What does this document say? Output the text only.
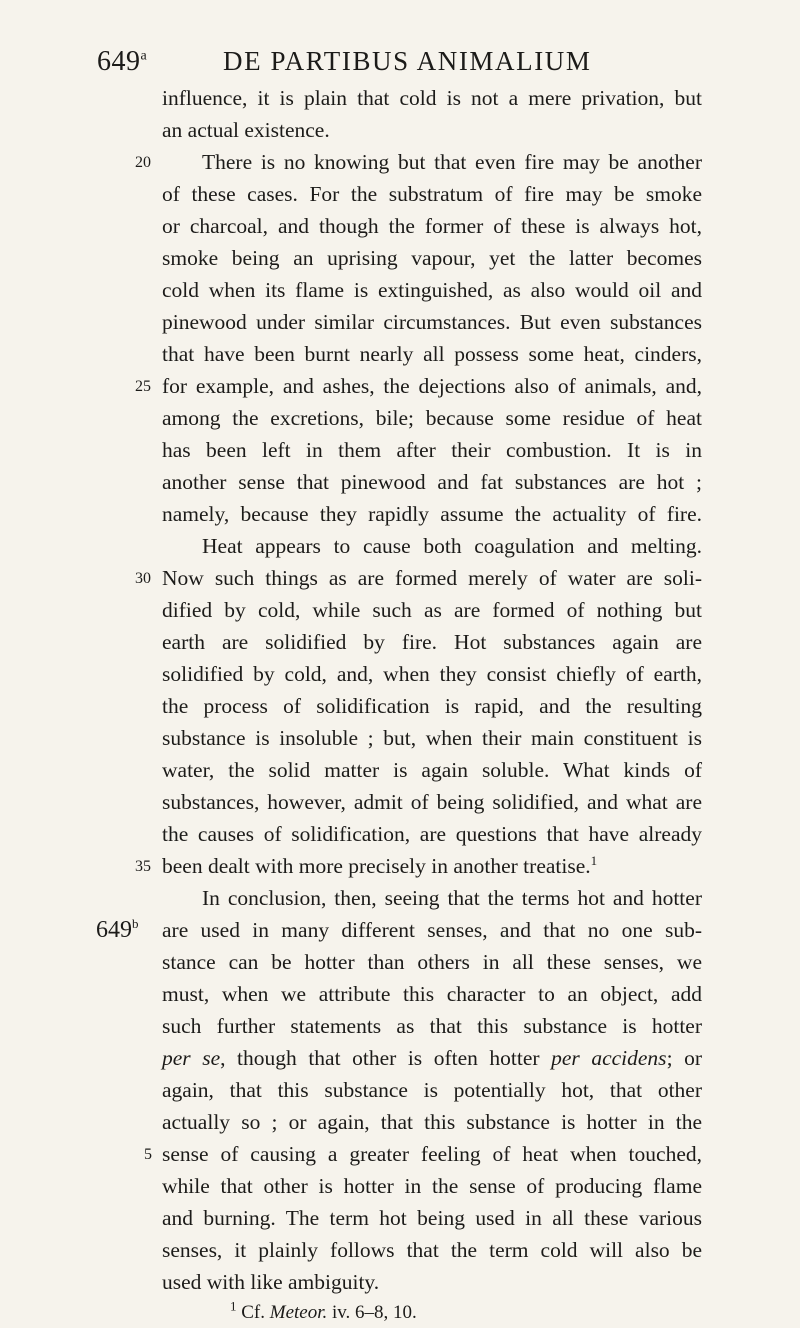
649$^a$	DE PARTIBUS ANIMALIUM
influence, it is plain that cold is not a mere privation, but
an actual existence.
20 There is no knowing but that even fire may be another
of these cases. For the substratum of fire may be smoke
or charcoal, and though the former of these is always hot,
smoke being an uprising vapour, yet the latter becomes
cold when its flame is extinguished, as also would oil and
pinewood under similar circumstances. But even substances
that have been burnt nearly all possess some heat, cinders,
25 for example, and ashes, the dejections also of animals, and,
among the excretions, bile; because some residue of heat
has been left in them after their combustion. It is in
another sense that pinewood and fat substances are hot ;
namely, because they rapidly assume the actuality of fire.
Heat appears to cause both coagulation and melting.
30 Now such things as are formed merely of water are soli-
dified by cold, while such as are formed of nothing but
earth are solidified by fire. Hot substances again are
solidified by cold, and, when they consist chiefly of earth,
the process of solidification is rapid, and the resulting
substance is insoluble ; but, when their main constituent is
water, the solid matter is again soluble. What kinds of
substances, however, admit of being solidified, and what are
the causes of solidification, are questions that have already
35 been dealt with more precisely in another treatise.$^1$
In conclusion, then, seeing that the terms hot and hotter
649$^b$ are used in many different senses, and that no one sub-
stance can be hotter than others in all these senses, we
must, when we attribute this character to an object, add
such further statements as that this substance is hotter
per se, though that other is often hotter per accidens; or
again, that this substance is potentially hot, that other
actually so ; or again, that this substance is hotter in the
5 sense of causing a greater feeling of heat when touched,
while that other is hotter in the sense of producing flame
and burning. The term hot being used in all these various
senses, it plainly follows that the term cold will also be
used with like ambiguity.
$^1$ Cf. Meteor. iv. 6–8, 10.
